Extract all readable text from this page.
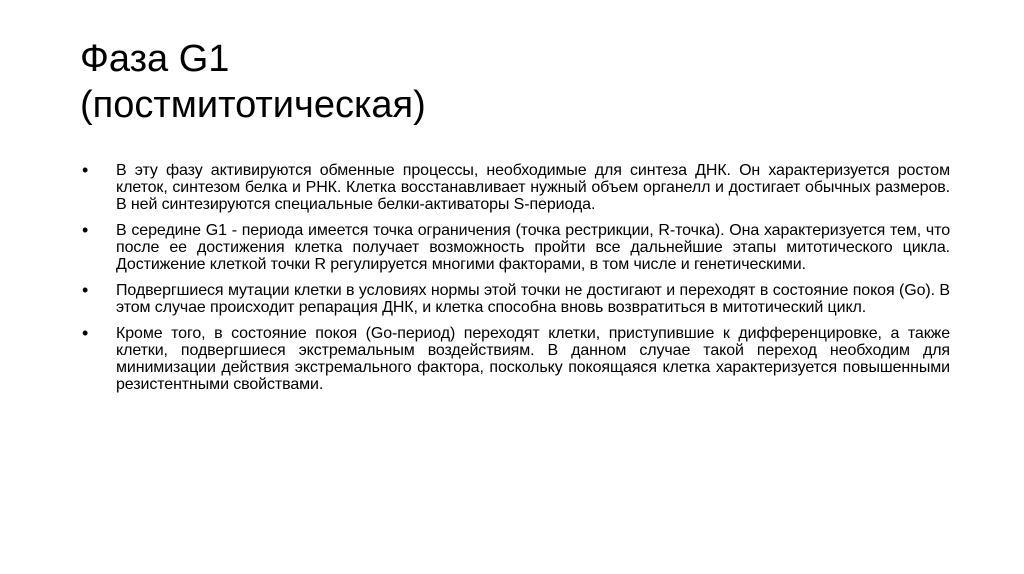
Фаза G1
(постмитотическая)
• В эту фазу активируются обменные процессы, необходимые для синтеза ДНК. Он характеризуется ростом клеток, синтезом белка и РНК. Клетка восстанавливает нужный объем органелл и достигает обычных размеров. В ней синтезируются специальные белки-активаторы S-периода.
• В середине G1 - периода имеется точка ограничения (точка рестрикции, R-точка). Она характеризуется тем, что после ее достижения клетка получает возможность пройти все дальнейшие этапы митотического цикла. Достижение клеткой точки R регулируется многими факторами, в том числе и генетическими.
• Подвергшиеся мутации клетки в условиях нормы этой точки не достигают и переходят в состояние покоя (Go). В этом случае происходит репарация ДНК, и клетка способна вновь возвратиться в митотический цикл.
• Кроме того, в состояние покоя (Go-период) переходят клетки, приступившие к дифференцировке, а также клетки, подвергшиеся экстремальным воздействиям. В данном случае такой переход необходим для минимизации действия экстремального фактора, поскольку покоящаяся клетка характеризуется повышенными резистентными свойствами.
